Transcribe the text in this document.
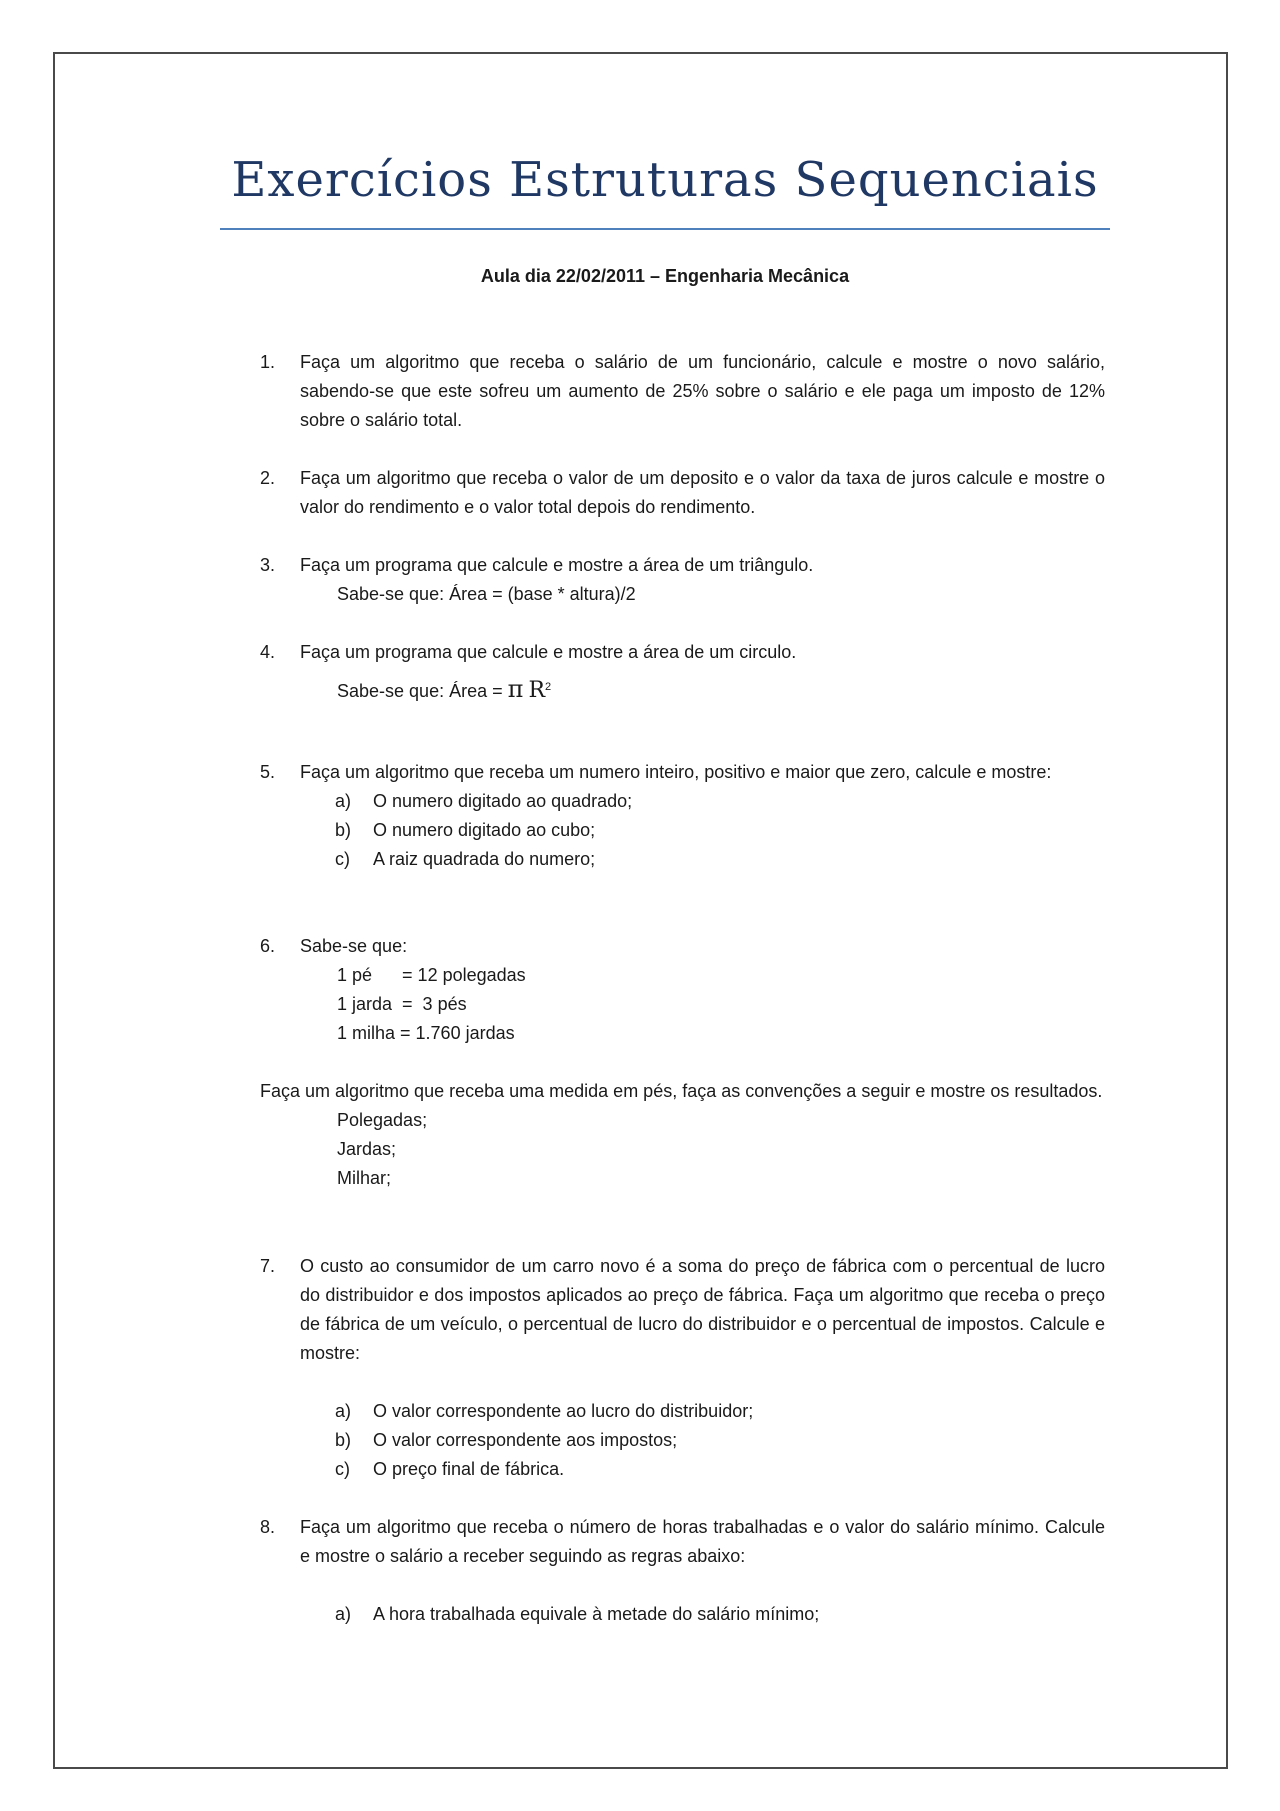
Exercícios Estruturas Sequenciais
Aula dia 22/02/2011 – Engenharia Mecânica
1.	Faça um algoritmo que receba o salário de um funcionário, calcule e mostre o novo salário, sabendo-se que este sofreu um aumento de 25% sobre o salário e ele paga um imposto de 12% sobre o salário total.
2.	Faça um algoritmo que receba o valor de um deposito e o valor da taxa de juros calcule e mostre o valor do rendimento e o valor total depois do rendimento.
3.	Faça um programa que calcule e mostre a área de um triângulo.
Sabe-se que: Área = (base * altura)/2
4.	Faça um programa que calcule e mostre a área de um circulo.
Sabe-se que: Área = π $R^2$
5.	Faça um algoritmo que receba um numero inteiro, positivo e maior que zero, calcule e mostre:
a)	O numero digitado ao quadrado;
b)	O numero digitado ao cubo;
c)	A raiz quadrada do numero;
6.	Sabe-se que:
1 pé      = 12 polegadas
1 jarda  =  3 pés
1 milha = 1.760 jardas
Faça um algoritmo que receba uma medida em pés, faça as convenções a seguir e mostre os resultados.
Polegadas;
Jardas;
Milhar;
7.	O custo ao consumidor de um carro novo é a soma do preço de fábrica com o percentual de lucro do distribuidor e dos impostos aplicados ao preço de fábrica. Faça um algoritmo que receba o preço de fábrica de um veículo, o percentual de lucro do distribuidor e o percentual de impostos. Calcule e mostre:
a)	O valor correspondente ao lucro do distribuidor;
b)	O valor correspondente aos impostos;
c)	O preço final de fábrica.
8.	Faça um algoritmo que receba o número de horas trabalhadas e o valor do salário mínimo. Calcule e mostre o salário a receber seguindo as regras abaixo:
a)	A hora trabalhada equivale à metade do salário mínimo;
